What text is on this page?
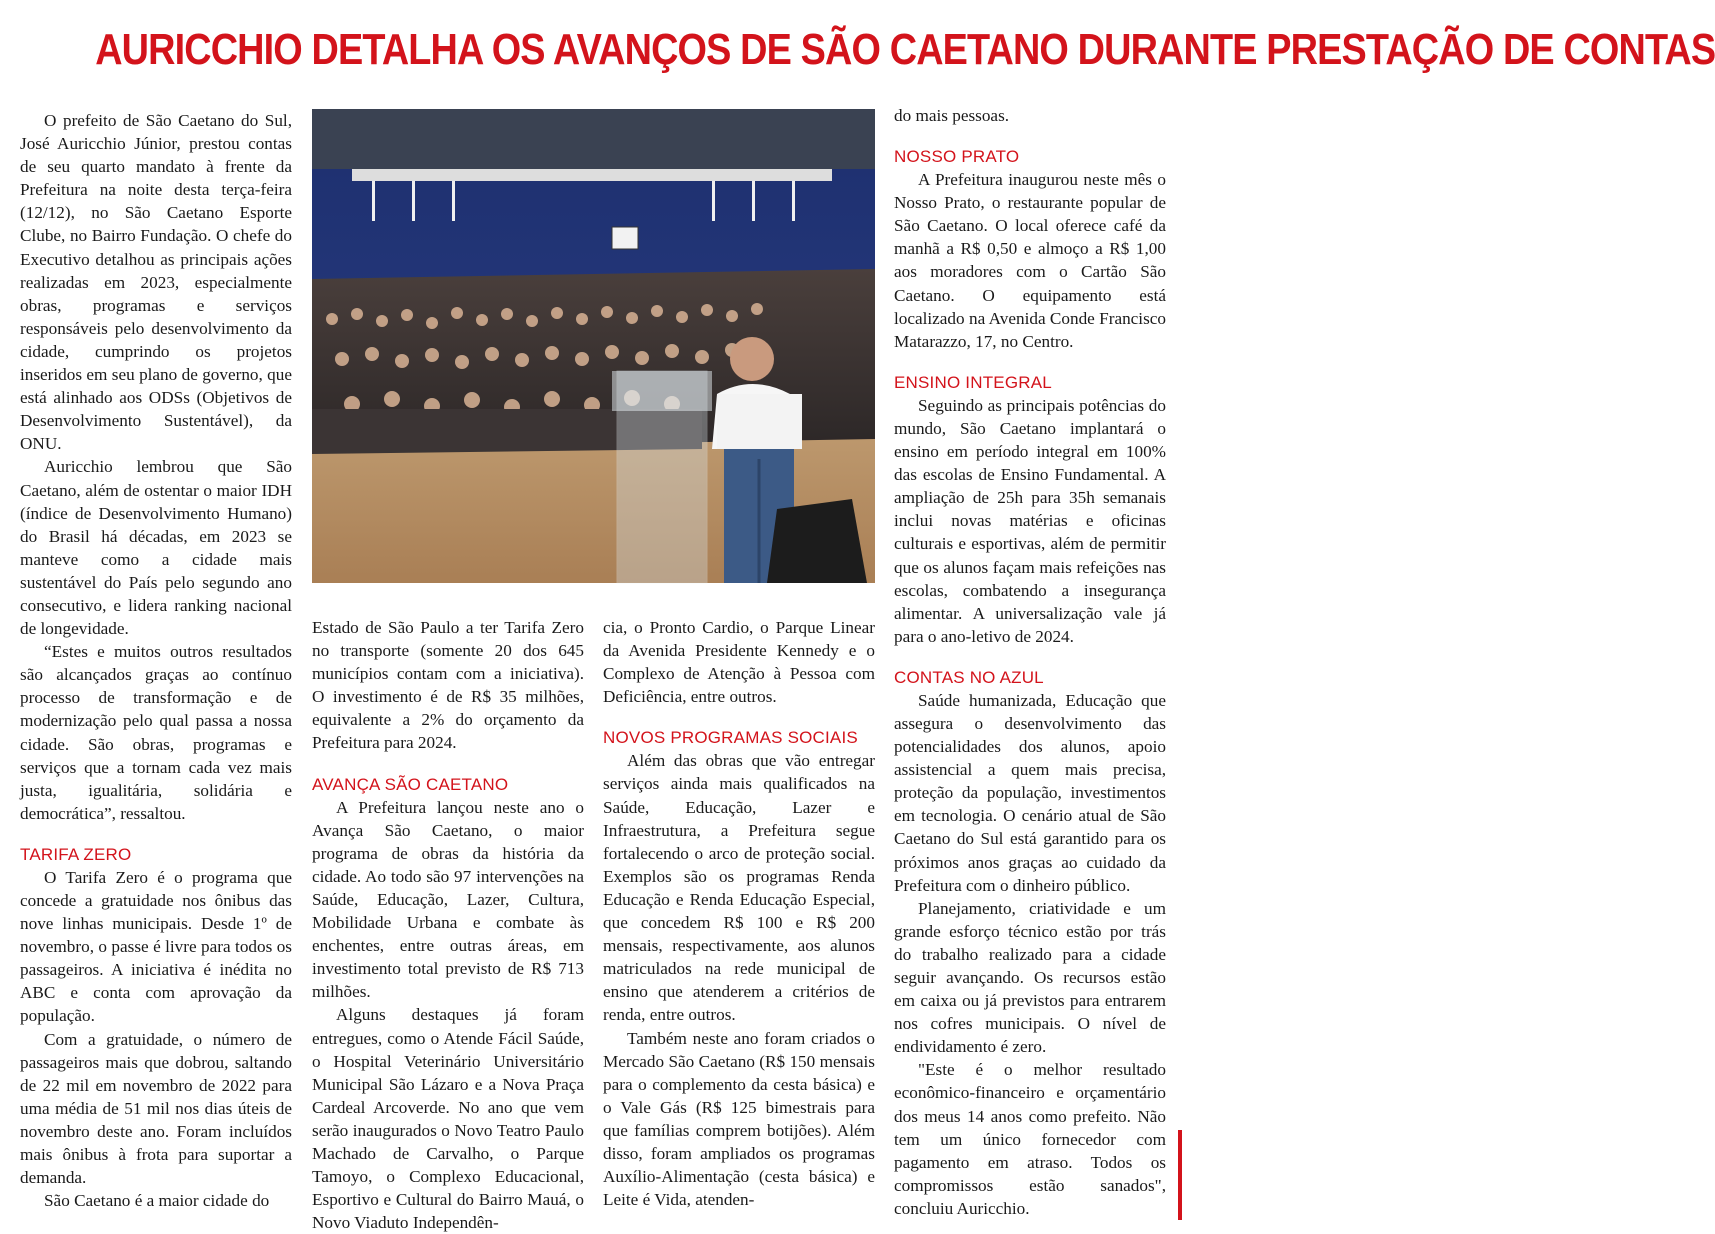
AURICCHIO DETALHA OS AVANÇOS DE SÃO CAETANO DURANTE PRESTAÇÃO DE CONTAS

O prefeito de São Caetano do Sul, José Auricchio Júnior, prestou contas de seu quarto mandato à frente da Prefeitura na noite desta terça-feira (12/12), no São Caetano Esporte Clube, no Bairro Fundação. O chefe do Executivo detalhou as principais ações realizadas em 2023, especialmente obras, programas e serviços responsáveis pelo desenvolvimento da cidade, cumprindo os projetos inseridos em seu plano de governo, que está alinhado aos ODSs (Objetivos de Desenvolvimento Sustentável), da ONU.

Auricchio lembrou que São Caetano, além de ostentar o maior IDH (índice de Desenvolvimento Humano) do Brasil há décadas, em 2023 se manteve como a cidade mais sustentável do País pelo segundo ano consecutivo, e lidera ranking nacional de longevidade.

“Estes e muitos outros resultados são alcançados graças ao contínuo processo de transformação e de modernização pelo qual passa a nossa cidade. São obras, programas e serviços que a tornam cada vez mais justa, igualitária, solidária e democrática”, ressaltou.

TARIFA ZERO

O Tarifa Zero é o programa que concede a gratuidade nos ônibus das nove linhas municipais. Desde 1º de novembro, o passe é livre para todos os passageiros. A iniciativa é inédita no ABC e conta com aprovação da população.

Com a gratuidade, o número de passageiros mais que dobrou, saltando de 22 mil em novembro de 2022 para uma média de 51 mil nos dias úteis de novembro deste ano. Foram incluídos mais ônibus à frota para suportar a demanda.

São Caetano é a maior cidade do

Estado de São Paulo a ter Tarifa Zero no transporte (somente 20 dos 645 municípios contam com a iniciativa). O investimento é de R$ 35 milhões, equivalente a 2% do orçamento da Prefeitura para 2024.

AVANÇA SÃO CAETANO

A Prefeitura lançou neste ano o Avança São Caetano, o maior programa de obras da história da cidade. Ao todo são 97 intervenções na Saúde, Educação, Lazer, Cultura, Mobilidade Urbana e combate às enchentes, entre outras áreas, em investimento total previsto de R$ 713 milhões.

Alguns destaques já foram entregues, como o Atende Fácil Saúde, o Hospital Veterinário Universitário Municipal São Lázaro e a Nova Praça Cardeal Arcoverde. No ano que vem serão inaugurados o Novo Teatro Paulo Machado de Carvalho, o Parque Tamoyo, o Complexo Educacional, Esportivo e Cultural do Bairro Mauá, o Novo Viaduto Independên-

cia, o Pronto Cardio, o Parque Linear da Avenida Presidente Kennedy e o Complexo de Atenção à Pessoa com Deficiência, entre outros.

NOVOS PROGRAMAS SOCIAIS

Além das obras que vão entregar serviços ainda mais qualificados na Saúde, Educação, Lazer e Infraestrutura, a Prefeitura segue fortalecendo o arco de proteção social. Exemplos são os programas Renda Educação e Renda Educação Especial, que concedem R$ 100 e R$ 200 mensais, respectivamente, aos alunos matriculados na rede municipal de ensino que atenderem a critérios de renda, entre outros.

Também neste ano foram criados o Mercado São Caetano (R$ 150 mensais para o complemento da cesta básica) e o Vale Gás (R$ 125 bimestrais para que famílias comprem botijões). Além disso, foram ampliados os programas Auxílio-Alimentação (cesta básica) e Leite é Vida, atenden-

do mais pessoas.

NOSSO PRATO

A Prefeitura inaugurou neste mês o Nosso Prato, o restaurante popular de São Caetano. O local oferece café da manhã a R$ 0,50 e almoço a R$ 1,00 aos moradores com o Cartão São Caetano. O equipamento está localizado na Avenida Conde Francisco Matarazzo, 17, no Centro.

ENSINO INTEGRAL

Seguindo as principais potências do mundo, São Caetano implantará o ensino em período integral em 100% das escolas de Ensino Fundamental. A ampliação de 25h para 35h semanais inclui novas matérias e oficinas culturais e esportivas, além de permitir que os alunos façam mais refeições nas escolas, combatendo a insegurança alimentar. A universalização vale já para o ano-letivo de 2024.

CONTAS NO AZUL

Saúde humanizada, Educação que assegura o desenvolvimento das potencialidades dos alunos, apoio assistencial a quem mais precisa, proteção da população, investimentos em tecnologia. O cenário atual de São Caetano do Sul está garantido para os próximos anos graças ao cuidado da Prefeitura com o dinheiro público.

Planejamento, criatividade e um grande esforço técnico estão por trás do trabalho realizado para a cidade seguir avançando. Os recursos estão em caixa ou já previstos para entrarem nos cofres municipais. O nível de endividamento é zero.

"Este é o melhor resultado econômico-financeiro e orçamentário dos meus 14 anos como prefeito. Não tem um único fornecedor com pagamento em atraso. Todos os compromissos estão sanados", concluiu Auricchio.
